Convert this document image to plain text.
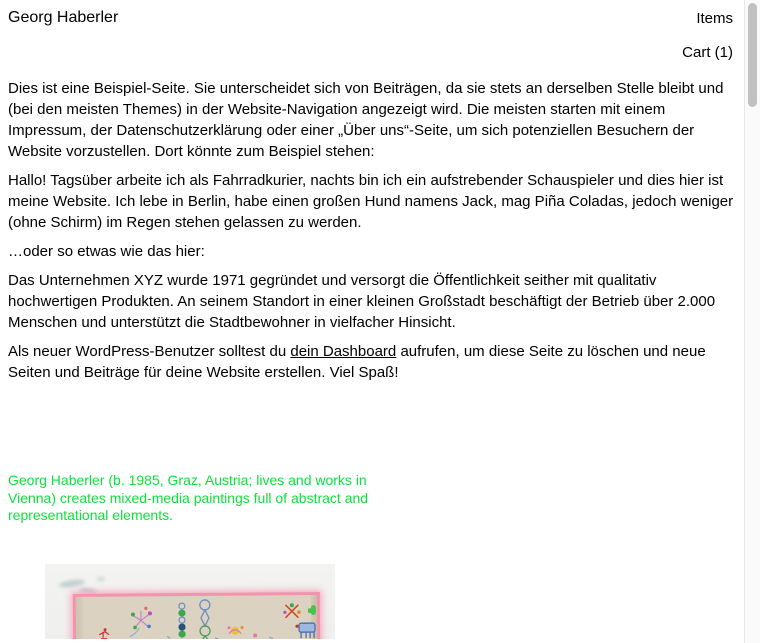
Georg Haberler	Items
Cart (1)

Dies ist eine Beispiel-Seite. Sie unterscheidet sich von Beiträgen, da sie stets an derselben Stelle bleibt und (bei den meisten Themes) in der Website-Navigation angezeigt wird. Die meisten starten mit einem Impressum, der Datenschutzerklärung oder einer „Über uns“-Seite, um sich potenziellen Besuchern der Website vorzustellen. Dort könnte zum Beispiel stehen:

Hallo! Tagsüber arbeite ich als Fahrradkurier, nachts bin ich ein aufstrebender Schauspieler und dies hier ist meine Website. Ich lebe in Berlin, habe einen großen Hund namens Jack, mag Piña Coladas, jedoch weniger (ohne Schirm) im Regen stehen gelassen zu werden.

…oder so etwas wie das hier:

Das Unternehmen XYZ wurde 1971 gegründet und versorgt die Öffentlichkeit seither mit qualitativ hochwertigen Produkten. An seinem Standort in einer kleinen Großstadt beschäftigt der Betrieb über 2.000 Menschen und unterstützt die Stadtbewohner in vielfacher Hinsicht.

Als neuer WordPress-Benutzer solltest du dein Dashboard aufrufen, um diese Seite zu löschen und neue Seiten und Beiträge für deine Website erstellen. Viel Spaß!

Georg Haberler (b. 1985, Graz, Austria; lives and works in Vienna) creates mixed-media paintings full of abstract and representational elements.
